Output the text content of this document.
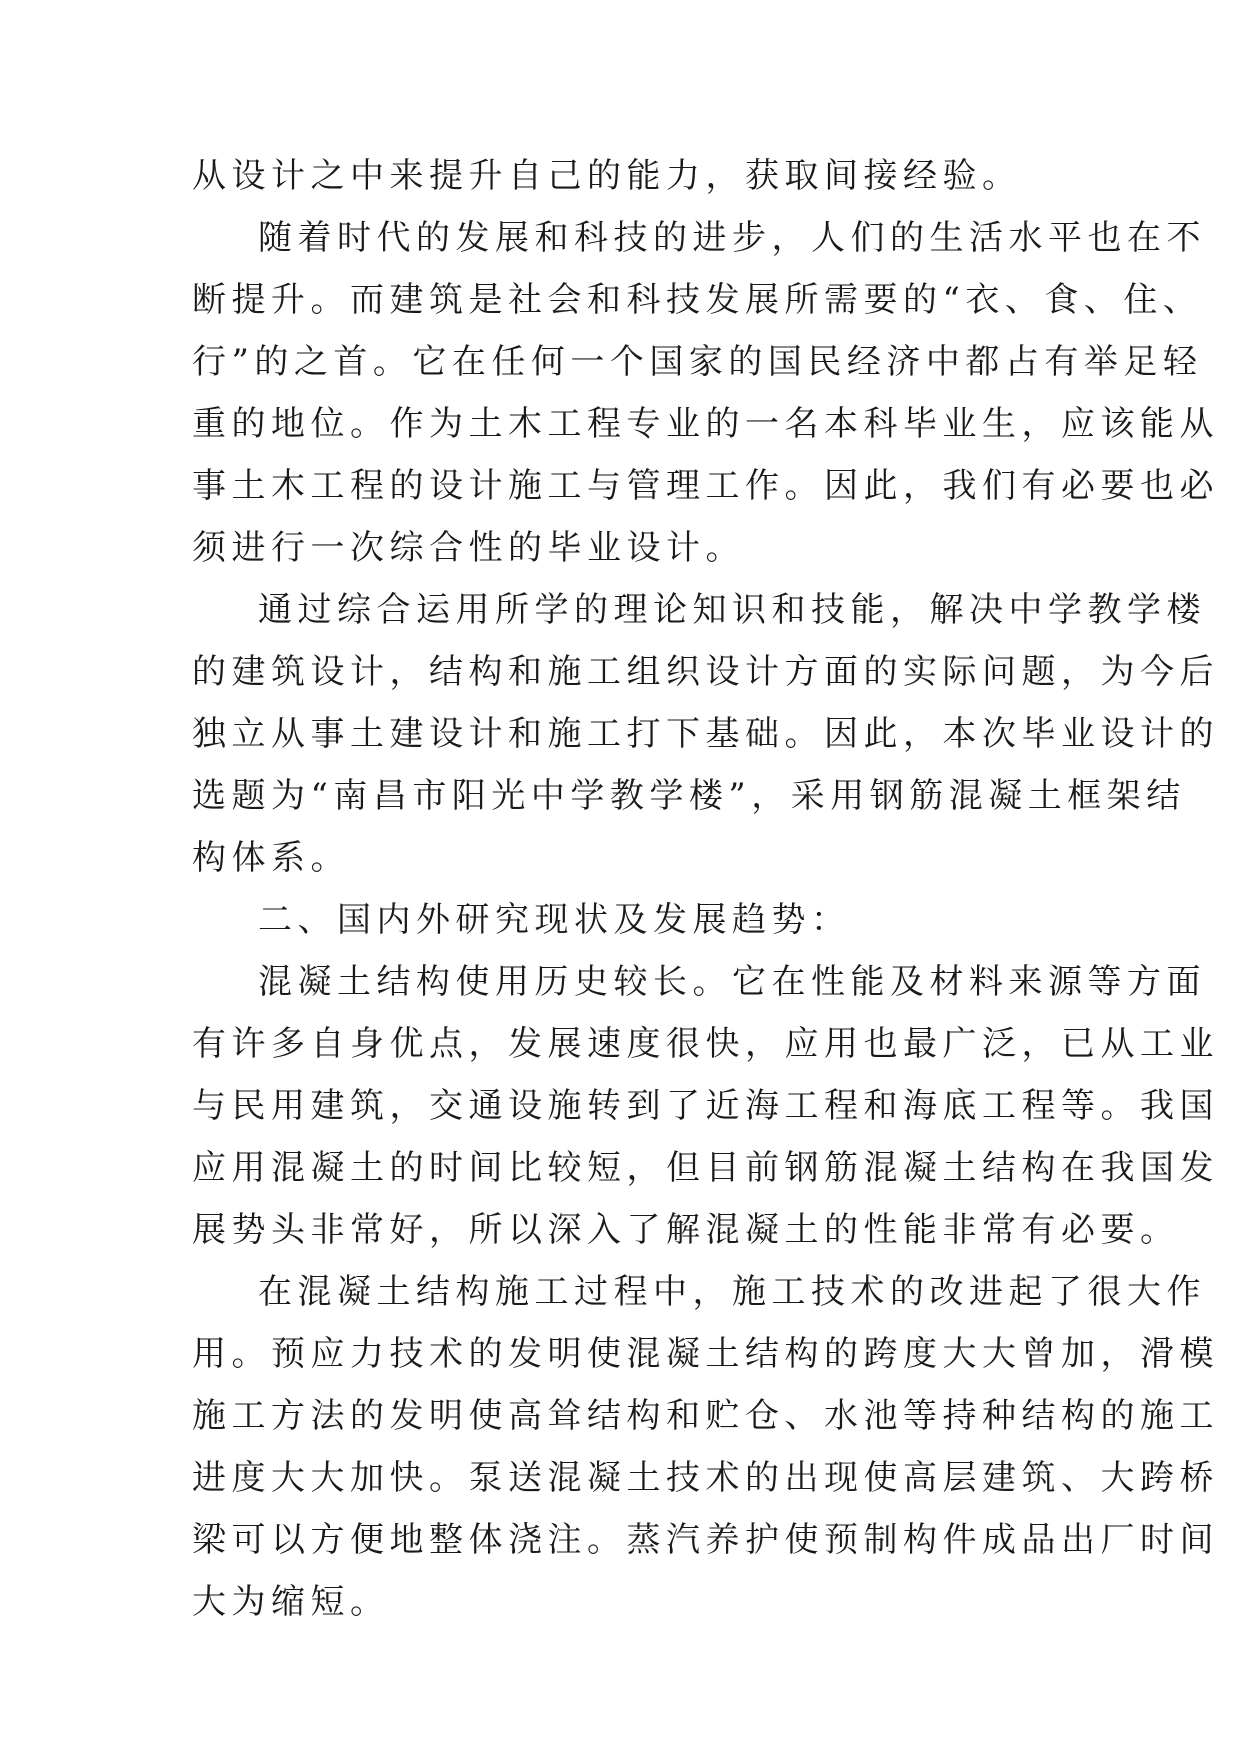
从设计之中来提升自己的能力，获取间接经验。
随着时代的发展和科技的进步，人们的生活水平也在不
断提升。而建筑是社会和科技发展所需要的“衣、食、住、
行”的之首。它在任何一个国家的国民经济中都占有举足轻
重的地位。作为土木工程专业的一名本科毕业生，应该能从
事土木工程的设计施工与管理工作。因此，我们有必要也必
须进行一次综合性的毕业设计。
通过综合运用所学的理论知识和技能，解决中学教学楼
的建筑设计，结构和施工组织设计方面的实际问题，为今后
独立从事土建设计和施工打下基础。因此，本次毕业设计的
选题为“南昌市阳光中学教学楼”，采用钢筋混凝土框架结
构体系。
二、国内外研究现状及发展趋势：
混凝土结构使用历史较长。它在性能及材料来源等方面
有许多自身优点，发展速度很快，应用也最广泛，已从工业
与民用建筑，交通设施转到了近海工程和海底工程等。我国
应用混凝土的时间比较短，但目前钢筋混凝土结构在我国发
展势头非常好，所以深入了解混凝土的性能非常有必要。
在混凝土结构施工过程中，施工技术的改进起了很大作
用。预应力技术的发明使混凝土结构的跨度大大曾加，滑模
施工方法的发明使高耸结构和贮仓、水池等持种结构的施工
进度大大加快。泵送混凝土技术的出现使高层建筑、大跨桥
梁可以方便地整体浇注。蒸汽养护使预制构件成品出厂时间
大为缩短。
